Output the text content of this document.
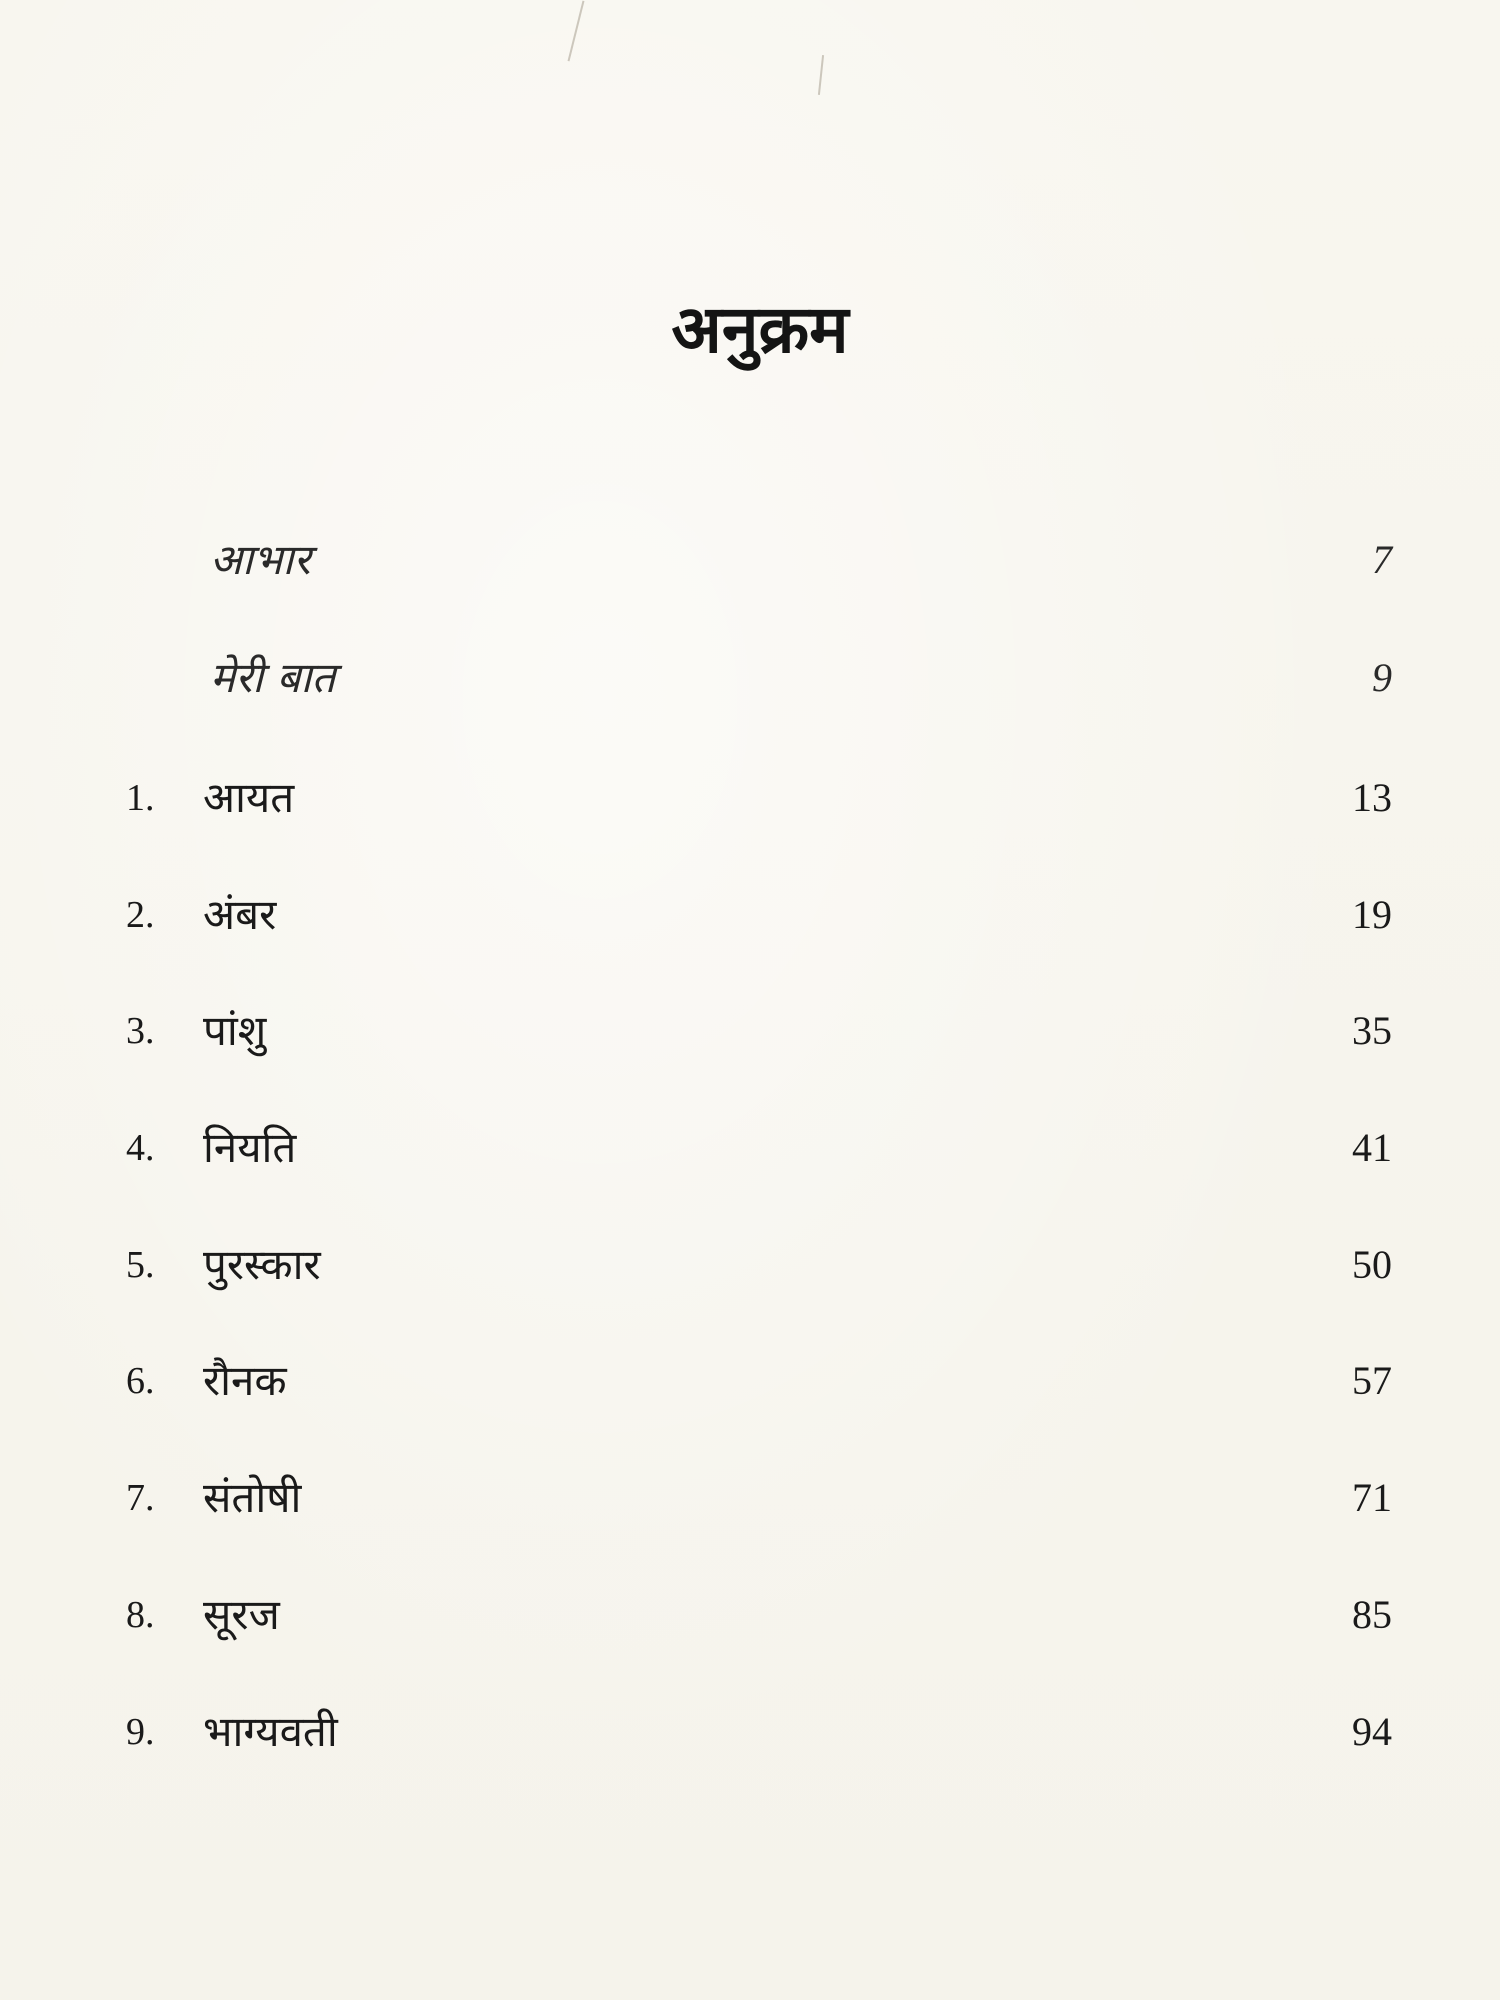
अनुक्रम
आभार	7
मेरी बात	9
1. आयत	13
2. अंबर	19
3. पांशु	35
4. नियति	41
5. पुरस्कार	50
6. रौनक	57
7. संतोषी	71
8. सूरज	85
9. भाग्यवती	94
